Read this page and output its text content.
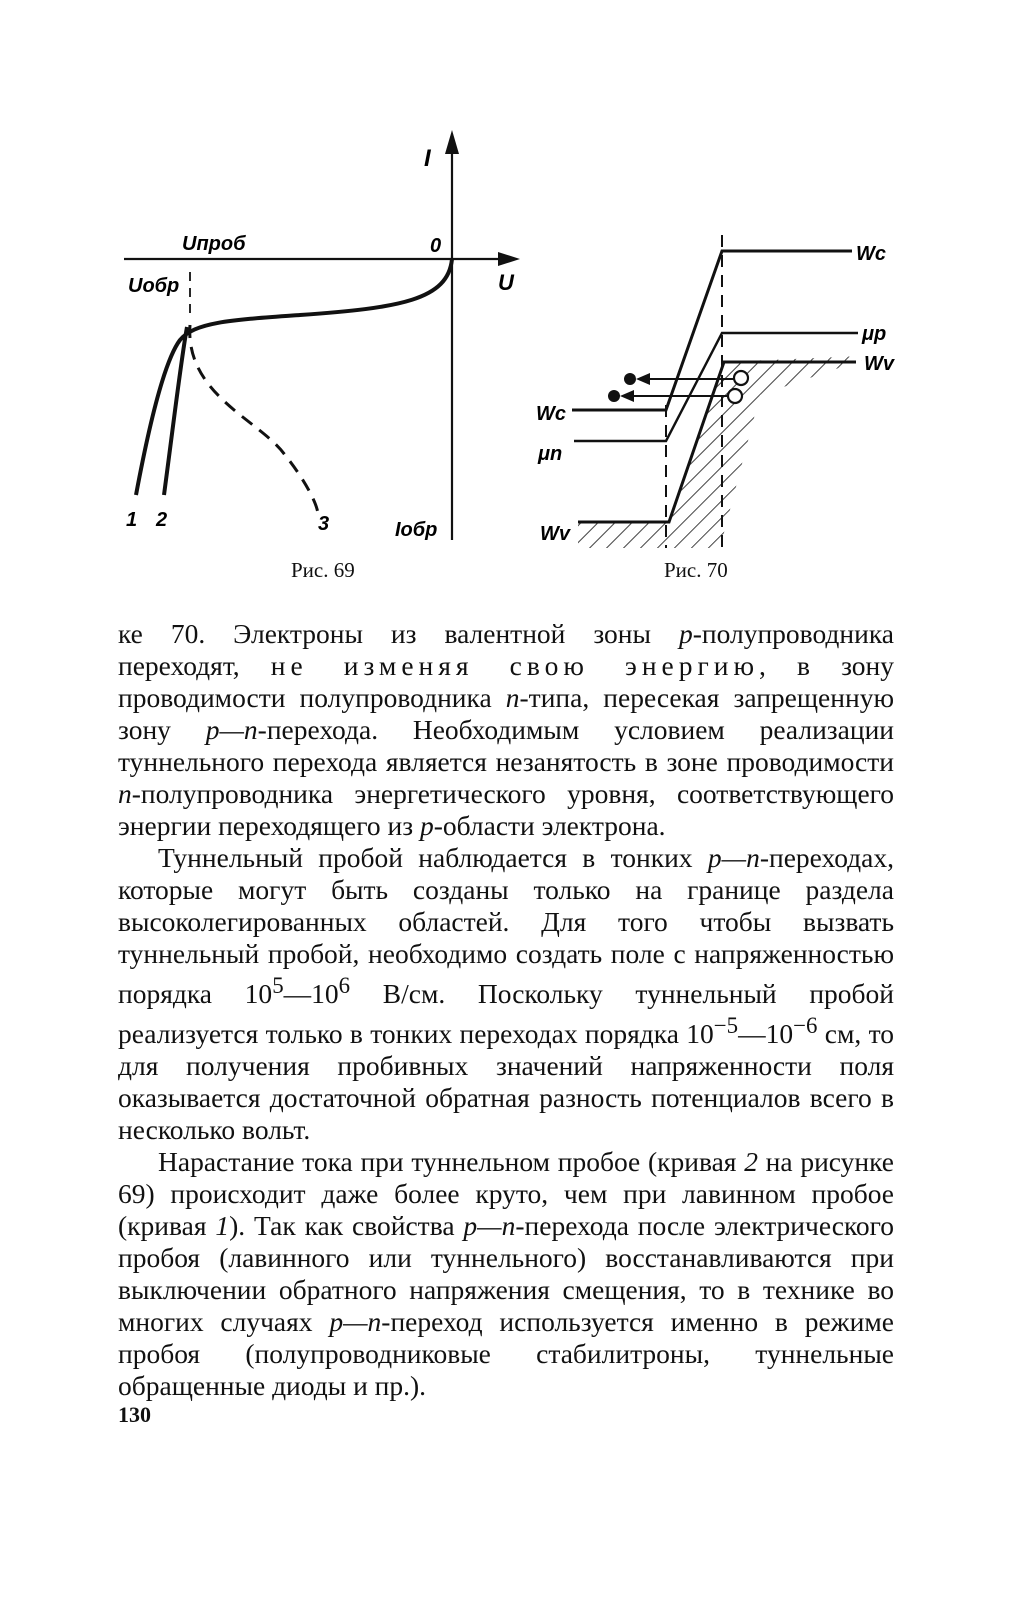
I
Uпроб	0
Uобр	U
1 2	3	Iобр
Wc
μp
Wv
Wc
μn
Wv
Рис. 69	Рис. 70

ке 70. Электроны из валентной зоны p-полупроводника переходят, не изменяя свою энергию, в зону проводимости полупроводника n-типа, пересекая запрещенную зону p—n-перехода. Необходимым условием реализации туннельного перехода является незанятость в зоне проводимости n-полупроводника энергетического уровня, соответствующего энергии переходящего из p-области электрона.

Туннельный пробой наблюдается в тонких p—n-переходах, которые могут быть созданы только на границе раздела высоколегированных областей. Для того чтобы вызвать туннельный пробой, необходимо создать поле с напряженностью порядка $10^5—10^6$ В/см. Поскольку туннельный пробой реализуется только в тонких переходах порядка $10^{-5}—10^{-6}$ см, то для получения пробивных значений напряженности поля оказывается достаточной обратная разность потенциалов всего в несколько вольт.

Нарастание тока при туннельном пробое (кривая 2 на рисунке 69) происходит даже более круто, чем при лавинном пробое (кривая 1). Так как свойства p—n-перехода после электрического пробоя (лавинного или туннельного) восстанавливаются при выключении обратного напряжения смещения, то в технике во многих случаях p—n-переход используется именно в режиме пробоя (полупроводниковые стабилитроны, туннельные обращенные диоды и пр.).

130
